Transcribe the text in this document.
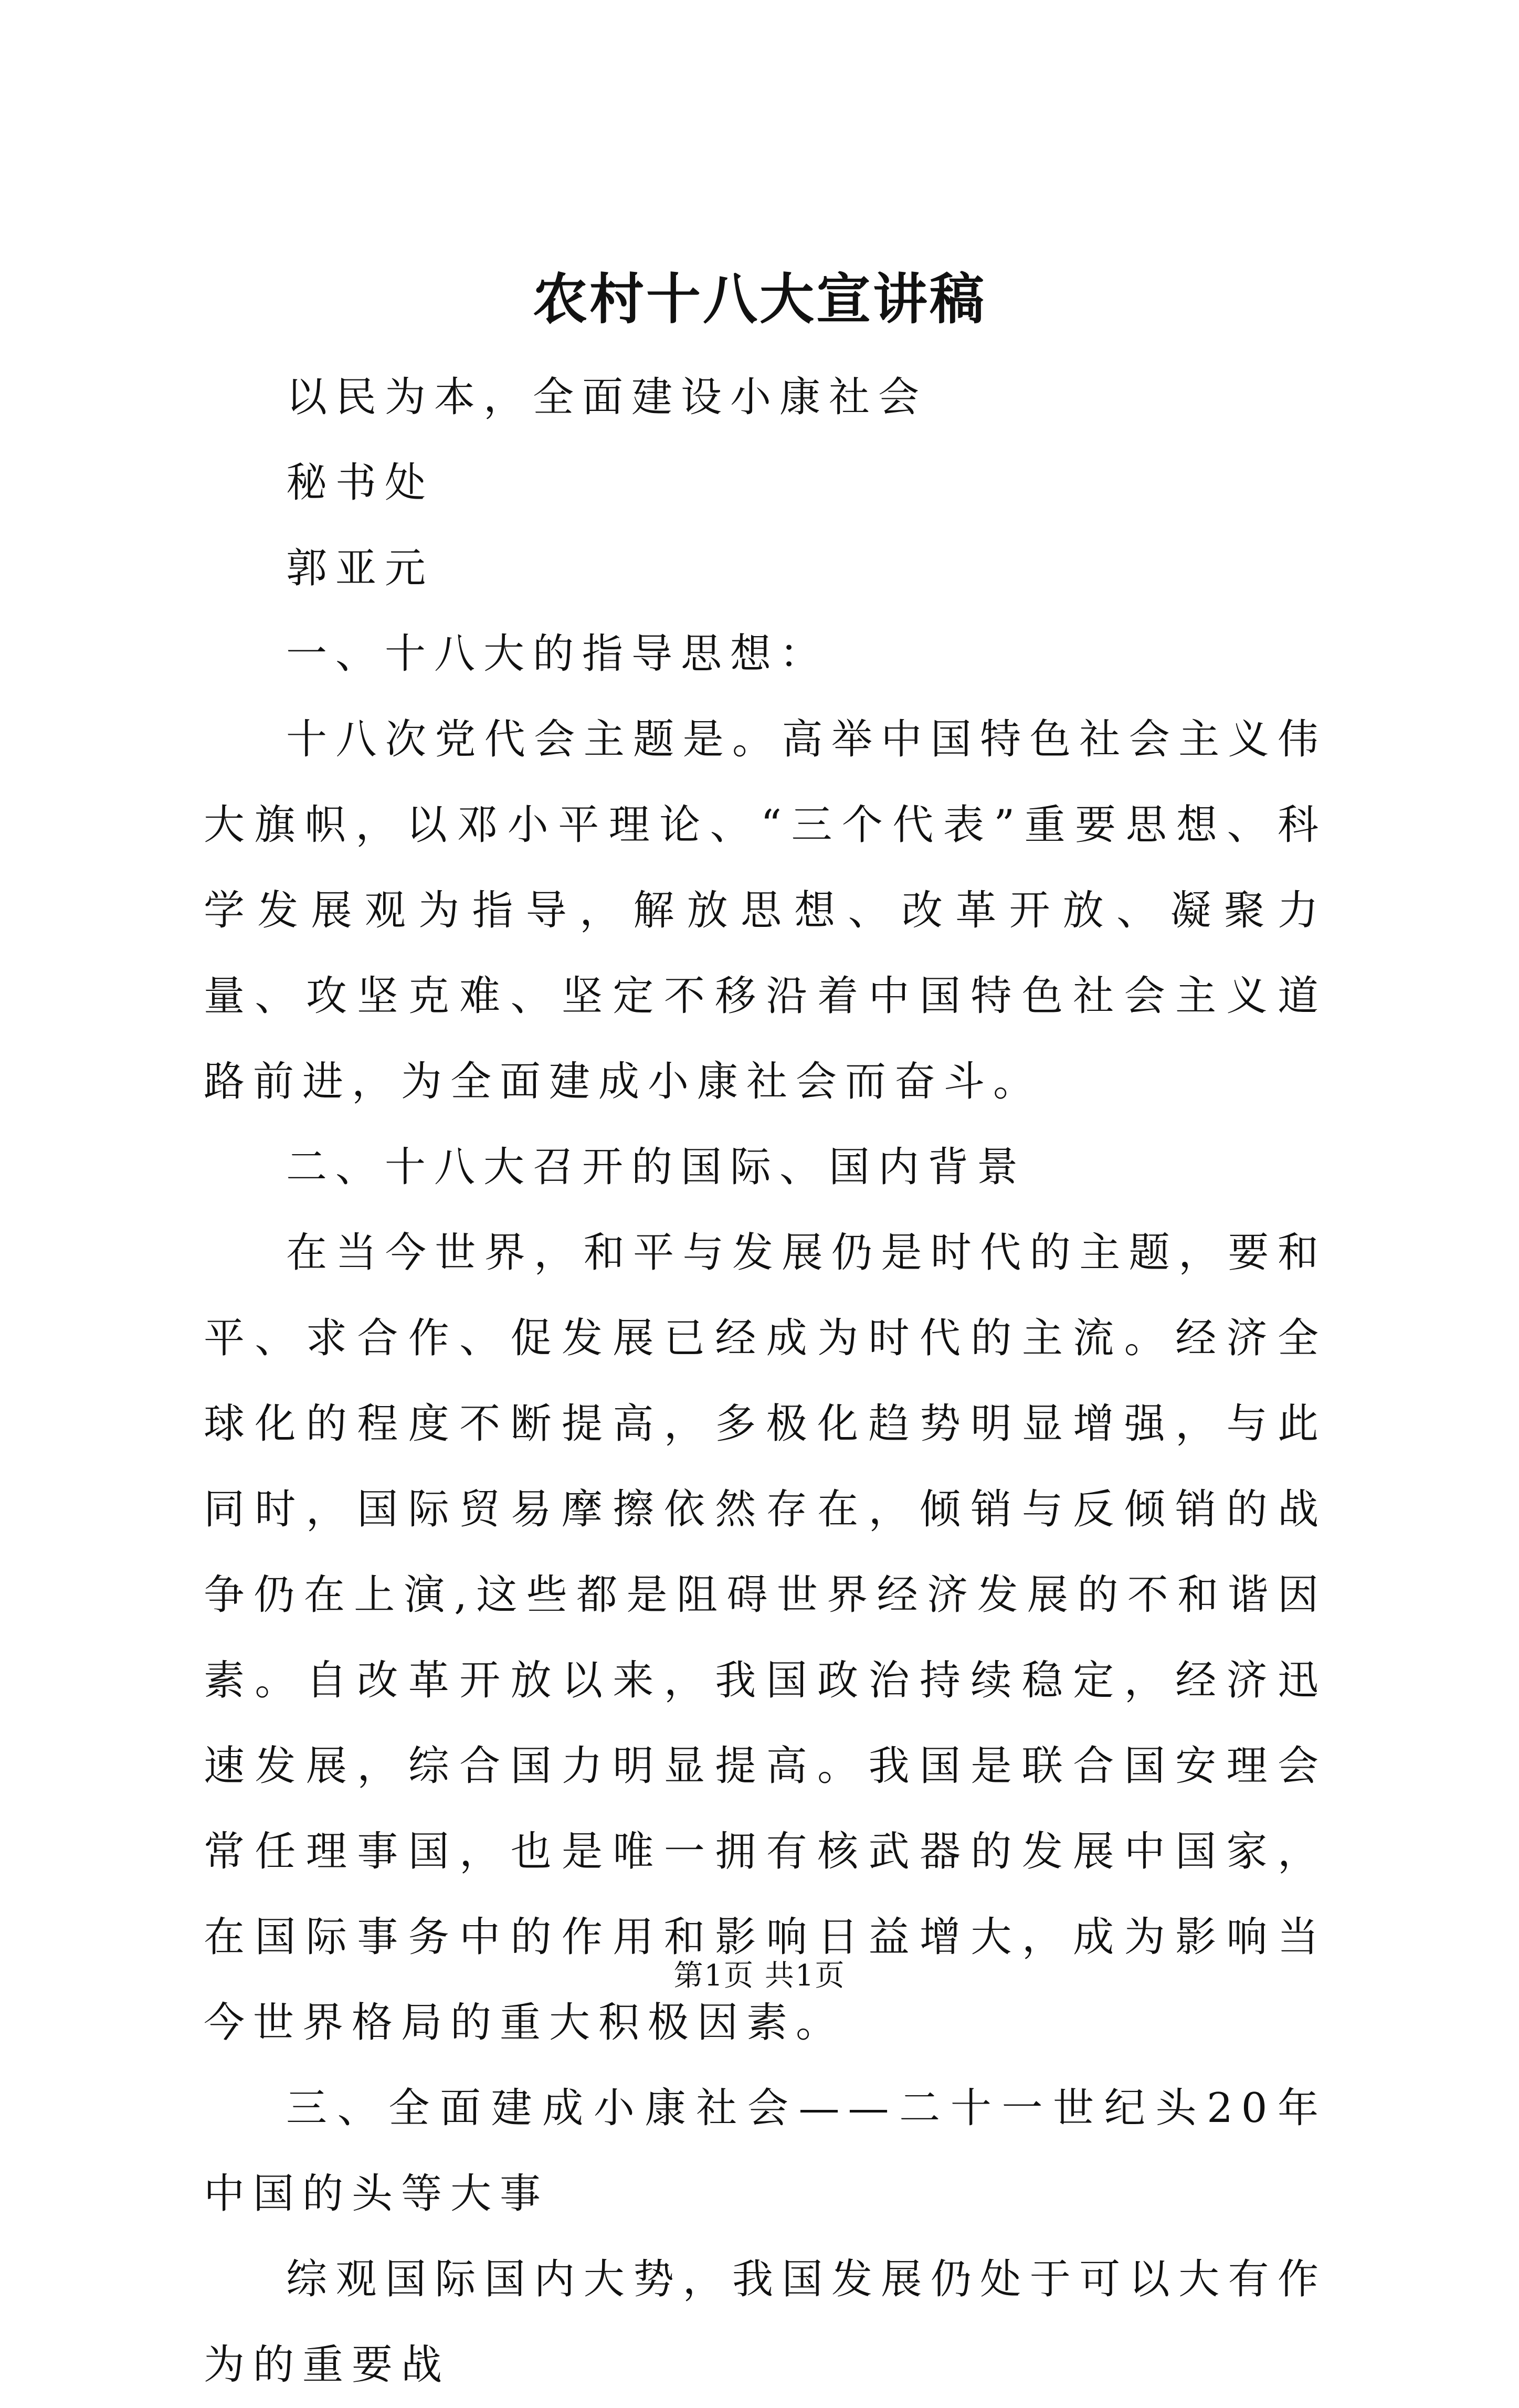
农村十八大宣讲稿

以民为本，全面建设小康社会

秘书处

郭亚元

一、十八大的指导思想：

十八次党代会主题是。高举中国特色社会主义伟大旗帜，以邓小平理论、“三个代表”重要思想、科学发展观为指导，解放思想、改革开放、凝聚力量、攻坚克难、坚定不移沿着中国特色社会主义道路前进，为全面建成小康社会而奋斗。

二、十八大召开的国际、国内背景

在当今世界，和平与发展仍是时代的主题，要和平、求合作、促发展已经成为时代的主流。经济全球化的程度不断提高，多极化趋势明显增强，与此同时，国际贸易摩擦依然存在，倾销与反倾销的战争仍在上演,这些都是阻碍世界经济发展的不和谐因素。自改革开放以来，我国政治持续稳定，经济迅速发展，综合国力明显提高。我国是联合国安理会常任理事国，也是唯一拥有核武器的发展中国家，在国际事务中的作用和影响日益增大，成为影响当今世界格局的重大积极因素。

三、全面建成小康社会——二十一世纪头20年中国的头等大事

综观国际国内大势，我国发展仍处于可以大有作为的重要战

第1页 共1页
